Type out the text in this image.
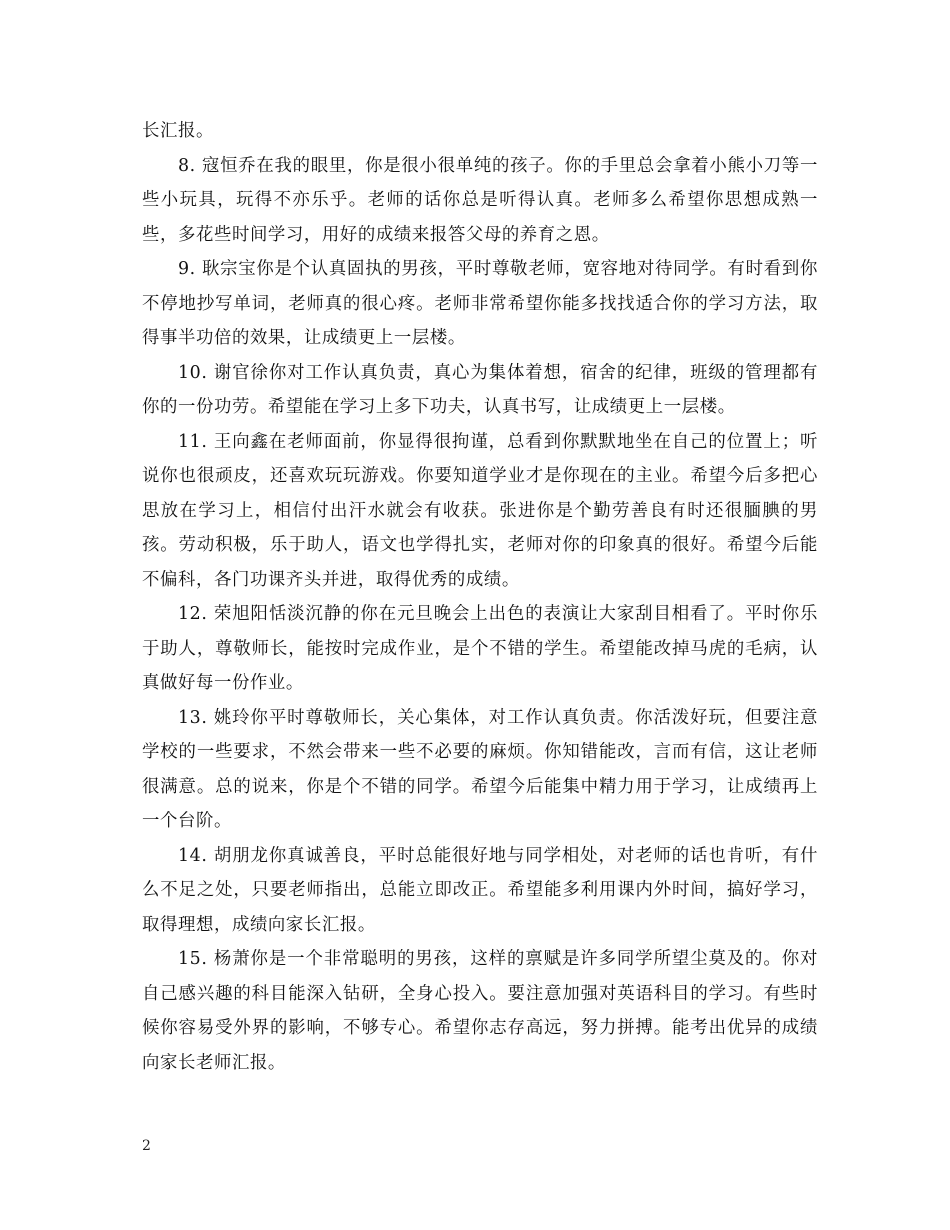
长汇报。

8. 寇恒乔在我的眼里，你是很小很单纯的孩子。你的手里总会拿着小熊小刀等一些小玩具，玩得不亦乐乎。老师的话你总是听得认真。老师多么希望你思想成熟一些，多花些时间学习，用好的成绩来报答父母的养育之恩。

9. 耿宗宝你是个认真固执的男孩，平时尊敬老师，宽容地对待同学。有时看到你不停地抄写单词，老师真的很心疼。老师非常希望你能多找找适合你的学习方法，取得事半功倍的效果，让成绩更上一层楼。

10. 谢官徐你对工作认真负责，真心为集体着想，宿舍的纪律，班级的管理都有你的一份功劳。希望能在学习上多下功夫，认真书写，让成绩更上一层楼。

11. 王向鑫在老师面前，你显得很拘谨，总看到你默默地坐在自己的位置上；听说你也很顽皮，还喜欢玩玩游戏。你要知道学业才是你现在的主业。希望今后多把心思放在学习上，相信付出汗水就会有收获。张进你是个勤劳善良有时还很腼腆的男孩。劳动积极，乐于助人，语文也学得扎实，老师对你的印象真的很好。希望今后能不偏科，各门功课齐头并进，取得优秀的成绩。

12. 荣旭阳恬淡沉静的你在元旦晚会上出色的表演让大家刮目相看了。平时你乐于助人，尊敬师长，能按时完成作业，是个不错的学生。希望能改掉马虎的毛病，认真做好每一份作业。

13. 姚玲你平时尊敬师长，关心集体，对工作认真负责。你活泼好玩，但要注意学校的一些要求，不然会带来一些不必要的麻烦。你知错能改，言而有信，这让老师很满意。总的说来，你是个不错的同学。希望今后能集中精力用于学习，让成绩再上一个台阶。

14. 胡朋龙你真诚善良，平时总能很好地与同学相处，对老师的话也肯听，有什么不足之处，只要老师指出，总能立即改正。希望能多利用课内外时间，搞好学习，取得理想，成绩向家长汇报。

15. 杨萧你是一个非常聪明的男孩，这样的禀赋是许多同学所望尘莫及的。你对自己感兴趣的科目能深入钻研，全身心投入。要注意加强对英语科目的学习。有些时候你容易受外界的影响，不够专心。希望你志存高远，努力拼搏。能考出优异的成绩向家长老师汇报。

2
